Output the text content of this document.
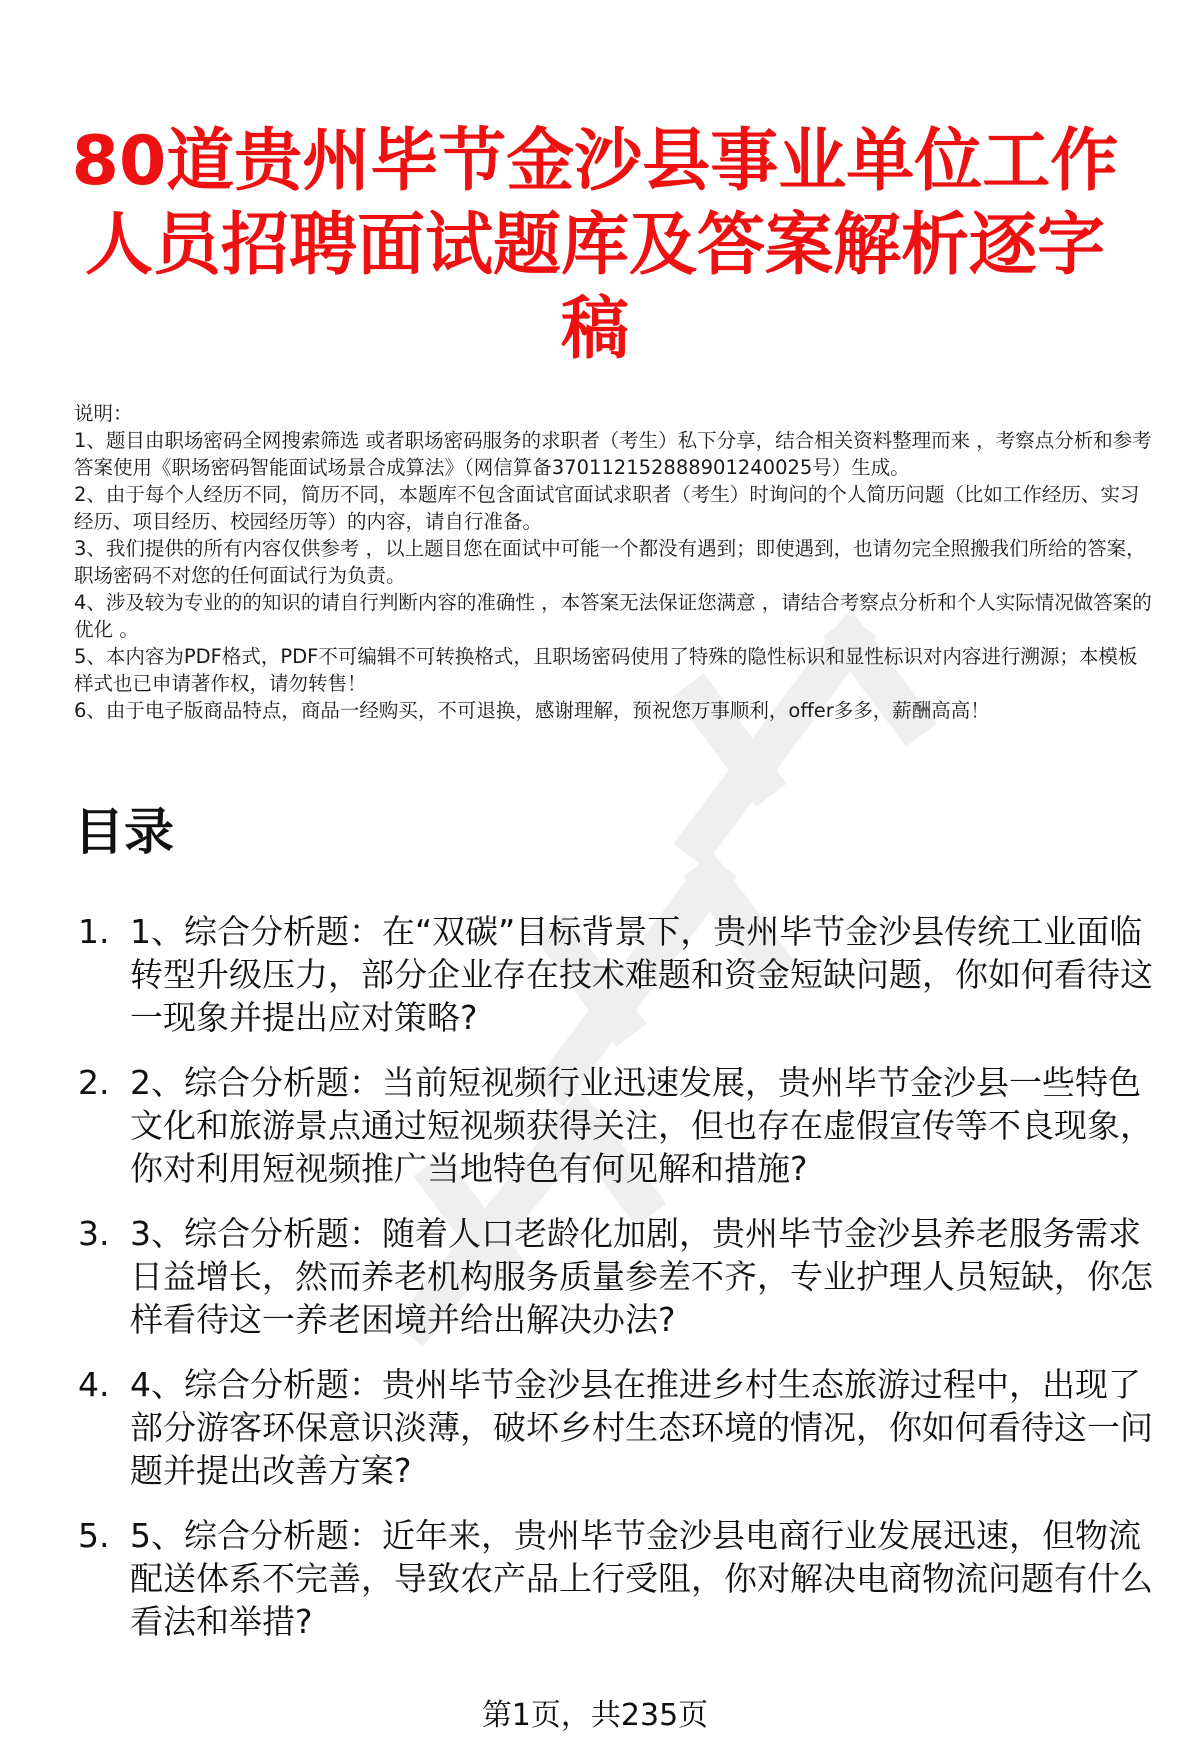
80道贵州毕节金沙县事业单位工作人员招聘面试题库及答案解析逐字稿

说明：

1、题目由职场密码全网搜索筛选 或者职场密码服务的求职者（考生）私下分享，结合相关资料整理而来 ，考察点分析和参考答案使用《职场密码智能面试场景合成算法》（网信算备370112152888901240025号）生成。

2、由于每个人经历不同，简历不同，本题库不包含面试官面试求职者（考生）时询问的个人简历问题（比如工作经历、实习经历、项目经历、校园经历等）的内容，请自行准备。

3、我们提供的所有内容仅供参考 ，以上题目您在面试中可能一个都没有遇到；即使遇到，也请勿完全照搬我们所给的答案，职场密码不对您的任何面试行为负责。

4、涉及较为专业的的知识的请自行判断内容的准确性 ，本答案无法保证您满意 ，请结合考察点分析和个人实际情况做答案的优化 。

5、本内容为PDF格式，PDF不可编辑不可转换格式，且职场密码使用了特殊的隐性标识和显性标识对内容进行溯源；本模板样式也已申请著作权，请勿转售！

6、由于电子版商品特点，商品一经购买，不可退换，感谢理解，预祝您万事顺利，offer多多，薪酬高高！

目录
1. 1、综合分析题：在“双碳”目标背景下，贵州毕节金沙县传统工业面临转型升级压力，部分企业存在技术难题和资金短缺问题，你如何看待这一现象并提出应对策略?
2. 2、综合分析题：当前短视频行业迅速发展，贵州毕节金沙县一些特色文化和旅游景点通过短视频获得关注，但也存在虚假宣传等不良现象，你对利用短视频推广当地特色有何见解和措施?
3. 3、综合分析题：随着人口老龄化加剧，贵州毕节金沙县养老服务需求日益增长，然而养老机构服务质量参差不齐，专业护理人员短缺，你怎样看待这一养老困境并给出解决办法?
4. 4、综合分析题：贵州毕节金沙县在推进乡村生态旅游过程中，出现了部分游客环保意识淡薄，破坏乡村生态环境的情况，你如何看待这一问题并提出改善方案?
5. 5、综合分析题：近年来，贵州毕节金沙县电商行业发展迅速，但物流配送体系不完善，导致农产品上行受阻，你对解决电商物流问题有什么看法和举措?
第1页，共235页
